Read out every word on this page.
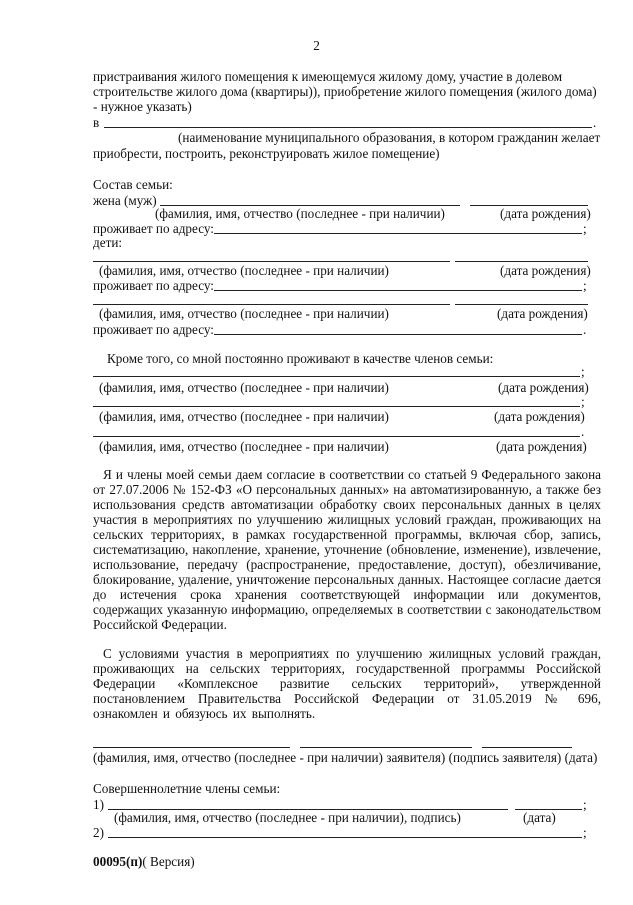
2
пристраивания жилого помещения к имеющемуся жилому дому, участие в долевом строительстве жилого дома (квартиры)), приобретение жилого помещения (жилого дома) - нужное указать)
в	.
(наименование муниципального образования, в котором гражданин желает
приобрести, построить, реконструировать жилое помещение)
Состав семьи:
жена (муж)
(фамилия, имя, отчество (последнее - при наличии)	(дата рождения)
проживает по адресу:	;
дети:
(фамилия, имя, отчество (последнее - при наличии)	(дата рождения)
проживает по адресу:	;
(фамилия, имя, отчество (последнее - при наличии)	(дата рождения)
проживает по адресу:	.
Кроме того, со мной постоянно проживают в качестве членов семьи:
;
(фамилия, имя, отчество (последнее - при наличии)	(дата рождения)
;
(фамилия, имя, отчество (последнее - при наличии)	(дата рождения)
.
(фамилия, имя, отчество (последнее - при наличии)	(дата рождения)
Я и члены моей семьи даем согласие в соответствии со статьей 9 Федерального закона от 27.07.2006 № 152-ФЗ «О персональных данных» на автоматизированную, а также без использования средств автоматизации обработку своих персональных данных в целях участия в мероприятиях по улучшению жилищных условий граждан, проживающих на сельских территориях, в рамках государственной программы, включая сбор, запись, систематизацию, накопление, хранение, уточнение (обновление, изменение), извлечение, использование, передачу (распространение, предоставление, доступ), обезличивание, блокирование, удаление, уничтожение персональных данных. Настоящее согласие дается до истечения срока хранения соответствующей информации или документов, содержащих указанную информацию, определяемых в соответствии с законодательством Российской Федерации.
С условиями участия в мероприятиях по улучшению жилищных условий граждан, проживающих на сельских территориях, государственной программы Российской Федерации «Комплексное развитие сельских территорий», утвержденной постановлением Правительства Российской Федерации от 31.05.2019 № 696, ознакомлен и обязуюсь их выполнять.
(фамилия, имя, отчество (последнее - при наличии) заявителя) (подпись заявителя) (дата)
Совершеннолетние члены семьи:
1)	;
(фамилия, имя, отчество (последнее - при наличии), подпись)	(дата)
2)	;
00095(п)( Версия)
